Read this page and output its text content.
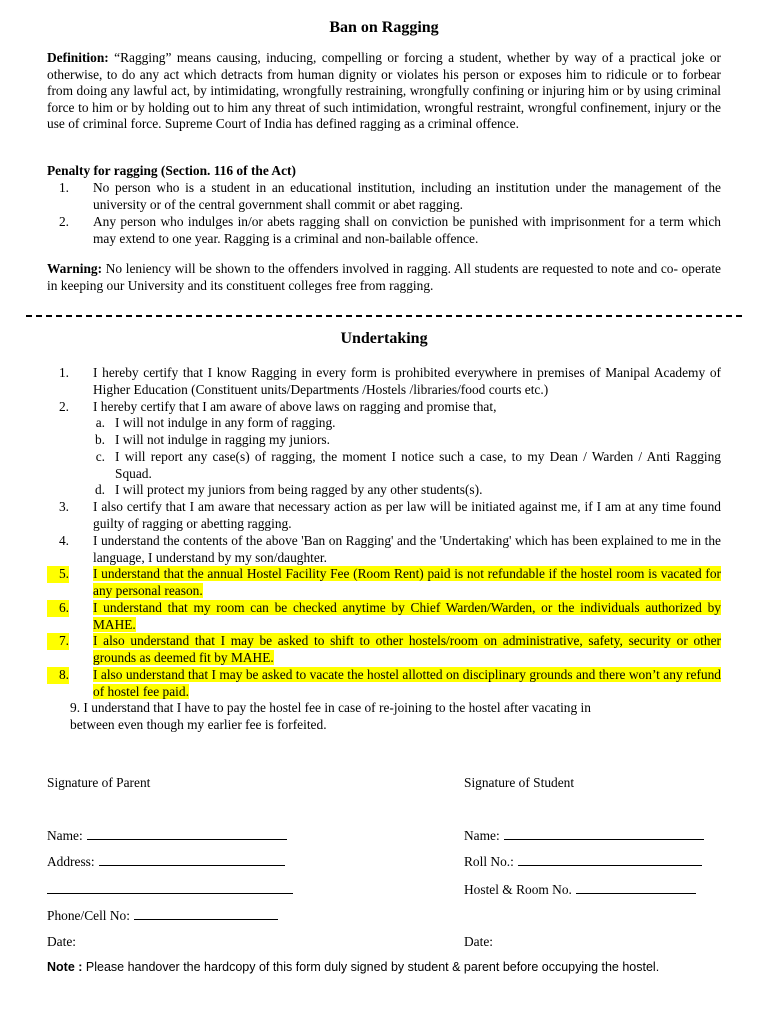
Ban on Ragging
Definition: “Ragging” means causing, inducing, compelling or forcing a student, whether by way of a practical joke or otherwise, to do any act which detracts from human dignity or violates his person or exposes him to ridicule or to forbear from doing any lawful act, by intimidating, wrongfully restraining, wrongfully confining or injuring him or by using criminal force to him or by holding out to him any threat of such intimidation, wrongful restraint, wrongful confinement, injury or the use of criminal force. Supreme Court of India has defined ragging as a criminal offence.
Penalty for ragging (Section. 116 of the Act)
1. No person who is a student in an educational institution, including an institution under the management of the university or of the central government shall commit or abet ragging.
2. Any person who indulges in/or abets ragging shall on conviction be punished with imprisonment for a term which may extend to one year. Ragging is a criminal and non-bailable offence.
Warning: No leniency will be shown to the offenders involved in ragging. All students are requested to note and co- operate in keeping our University and its constituent colleges free from ragging.
Undertaking
1. I hereby certify that I know Ragging in every form is prohibited everywhere in premises of Manipal Academy of Higher Education (Constituent units/Departments /Hostels /libraries/food courts etc.)
2. I hereby certify that I am aware of above laws on ragging and promise that,
a. I will not indulge in any form of ragging.
b. I will not indulge in ragging my juniors.
c. I will report any case(s) of ragging, the moment I notice such a case, to my Dean / Warden / Anti Ragging Squad.
d. I will protect my juniors from being ragged by any other students(s).
3. I also certify that I am aware that necessary action as per law will be initiated against me, if I am at any time found guilty of ragging or abetting ragging.
4. I understand the contents of the above 'Ban on Ragging' and the 'Undertaking' which has been explained to me in the language, I understand by my son/daughter.
5. I understand that the annual Hostel Facility Fee (Room Rent) paid is not refundable if the hostel room is vacated for any personal reason.
6. I understand that my room can be checked anytime by Chief Warden/Warden, or the individuals authorized by MAHE.
7. I also understand that I may be asked to shift to other hostels/room on administrative, safety, security or other grounds as deemed fit by MAHE.
8. I also understand that I may be asked to vacate the hostel allotted on disciplinary grounds and there won’t any refund of hostel fee paid.
9. I understand that I have to pay the hostel fee in case of re-joining to the hostel after vacating in
between even though my earlier fee is forfeited.
Signature of Parent	Signature of Student
Name:
Address:
Phone/Cell No:
Date:
Name:
Roll No.:
Hostel & Room No.
Date:
Note : Please handover the hardcopy of this form duly signed by student & parent before occupying the hostel.
